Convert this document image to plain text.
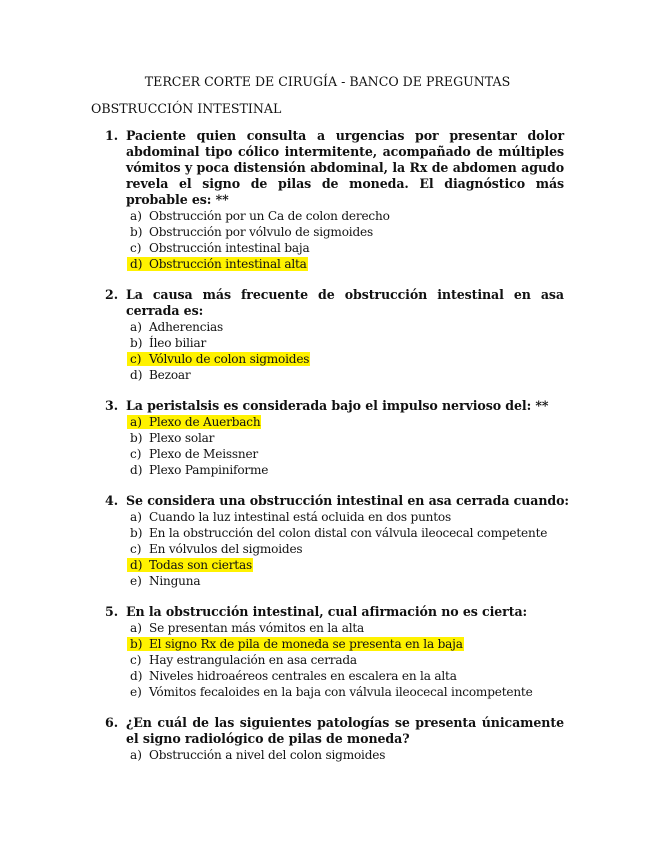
TERCER CORTE DE CIRUGÍA - BANCO DE PREGUNTAS
OBSTRUCCIÓN INTESTINAL
1. Paciente quien consulta a urgencias por presentar dolor abdominal tipo cólico intermitente, acompañado de múltiples vómitos y poca distensión abdominal, la Rx de abdomen agudo revela el signo de pilas de moneda. El diagnóstico más probable es: **
a) Obstrucción por un Ca de colon derecho
b) Obstrucción por vólvulo de sigmoides
c) Obstrucción intestinal baja
d) Obstrucción intestinal alta
2. La causa más frecuente de obstrucción intestinal en asa cerrada es:
a) Adherencias
b) Íleo biliar
c) Vólvulo de colon sigmoides
d) Bezoar
3. La peristalsis es considerada bajo el impulso nervioso del: **
a) Plexo de Auerbach
b) Plexo solar
c) Plexo de Meissner
d) Plexo Pampiniforme
4. Se considera una obstrucción intestinal en asa cerrada cuando:
a) Cuando la luz intestinal está ocluida en dos puntos
b) En la obstrucción del colon distal con válvula ileocecal competente
c) En vólvulos del sigmoides
d) Todas son ciertas
e) Ninguna
5. En la obstrucción intestinal, cual afirmación no es cierta:
a) Se presentan más vómitos en la alta
b) El signo Rx de pila de moneda se presenta en la baja
c) Hay estrangulación en asa cerrada
d) Niveles hidroaéreos centrales en escalera en la alta
e) Vómitos fecaloides en la baja con válvula ileocecal incompetente
6. ¿En cuál de las siguientes patologías se presenta únicamente el signo radiológico de pilas de moneda?
a) Obstrucción a nivel del colon sigmoides
